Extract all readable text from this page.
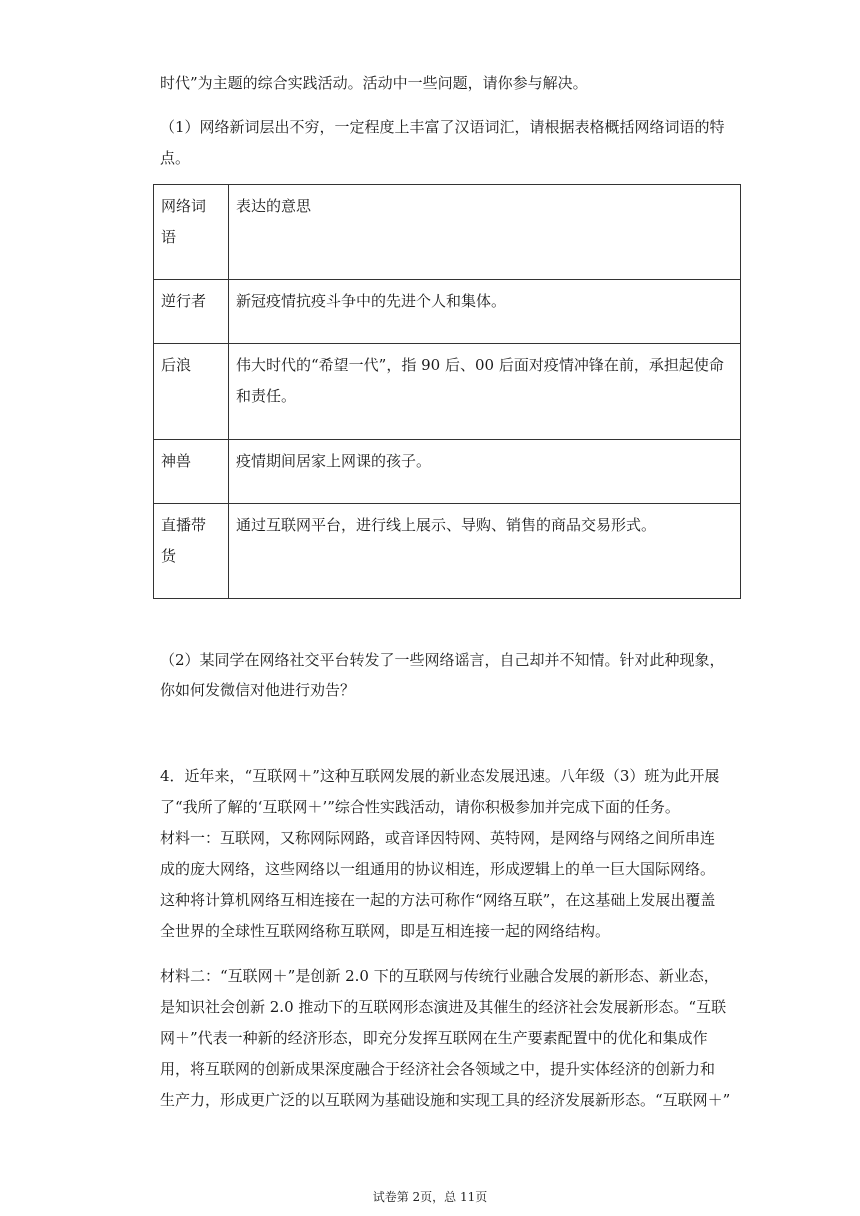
时代”为主题的综合实践活动。活动中一些问题，请你参与解决。
（1）网络新词层出不穷，一定程度上丰富了汉语词汇，请根据表格概括网络词语的特
点。
网络词
语	表达的意思

逆行者	新冠疫情抗疫斗争中的先进个人和集体。

后浪	伟大时代的“希望一代”，指 90 后、00 后面对疫情冲锋在前，承担起使命
和责任。

神兽	疫情期间居家上网课的孩子。

直播带
货	通过互联网平台，进行线上展示、导购、销售的商品交易形式。
（2）某同学在网络社交平台转发了一些网络谣言，自己却并不知情。针对此种现象，
你如何发微信对他进行劝告？
4．近年来，“互联网＋”这种互联网发展的新业态发展迅速。八年级（3）班为此开展
了“我所了解的‘互联网＋’”综合性实践活动，请你积极参加并完成下面的任务。
材料一：互联网，又称网际网路，或音译因特网、英特网，是网络与网络之间所串连
成的庞大网络，这些网络以一组通用的协议相连，形成逻辑上的单一巨大国际网络。
这种将计算机网络互相连接在一起的方法可称作“网络互联”，在这基础上发展出覆盖
全世界的全球性互联网络称互联网，即是互相连接一起的网络结构。
材料二：“互联网＋”是创新 2.0 下的互联网与传统行业融合发展的新形态、新业态，
是知识社会创新 2.0 推动下的互联网形态演进及其催生的经济社会发展新形态。“互联
网＋”代表一种新的经济形态，即充分发挥互联网在生产要素配置中的优化和集成作
用，将互联网的创新成果深度融合于经济社会各领域之中，提升实体经济的创新力和
生产力，形成更广泛的以互联网为基础设施和实现工具的经济发展新形态。“互联网＋”
试卷第 2页，总 11页
